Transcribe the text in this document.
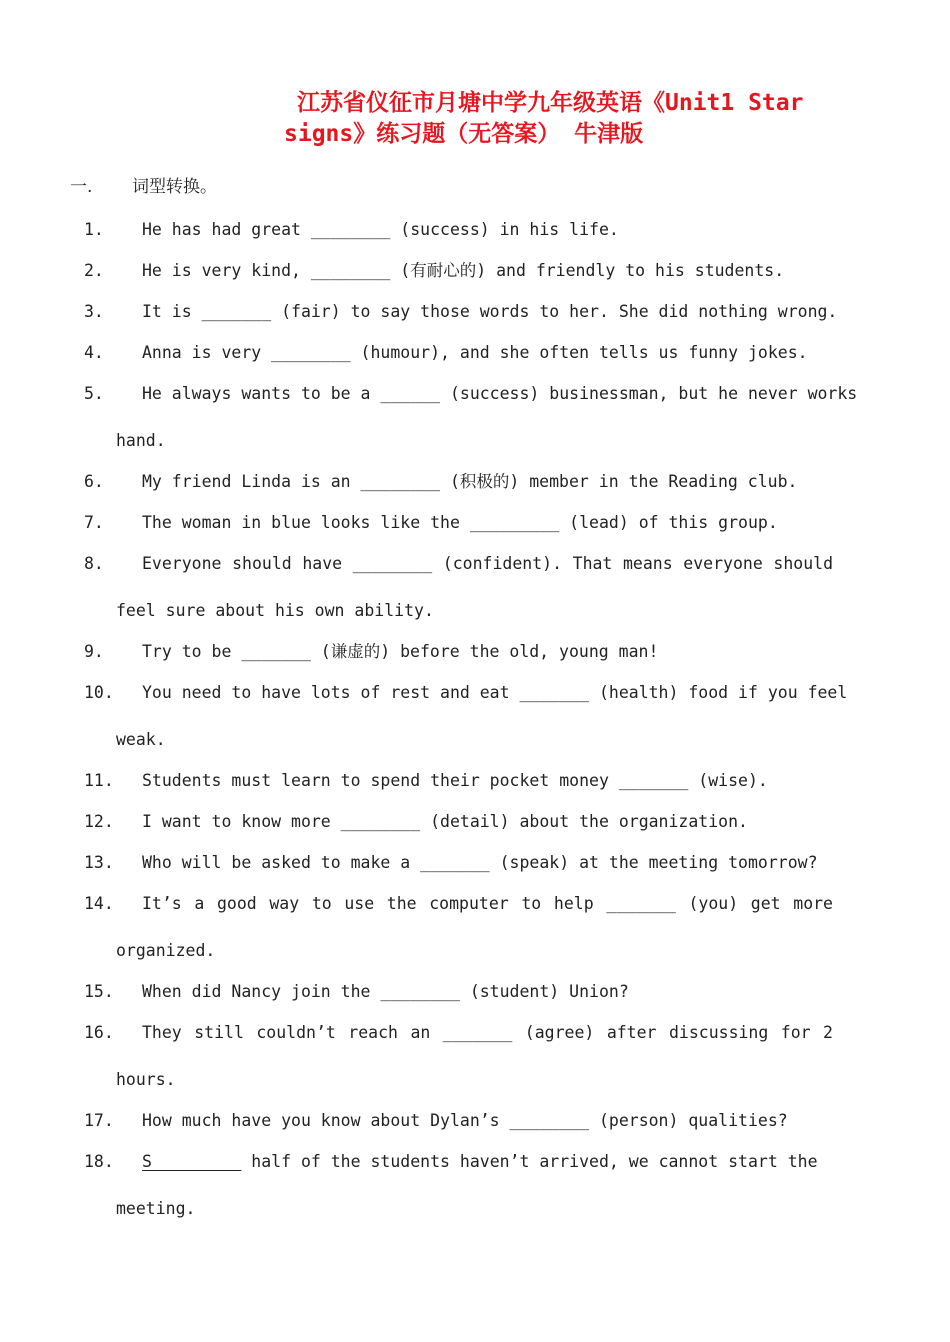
江苏省仪征市月塘中学九年级英语《Unit1 Star
signs》练习题（无答案） 牛津版
一. 词型转换。
1. He has had great ________ (success) in his life.
2. He is very kind, ________ (有耐心的) and friendly to his students.
3. It is _______ (fair) to say those words to her. She did nothing wrong.
4. Anna is very ________ (humour), and she often tells us funny jokes.
5. He always wants to be a ______ (success) businessman, but he never works
hand.
6. My friend Linda is an ________ (积极的) member in the Reading club.
7. The woman in blue looks like the _________ (lead) of this group.
8. Everyone should have ________ (confident). That means everyone should
feel sure about his own ability.
9. Try to be _______ (谦虚的) before the old, young man!
10. You need to have lots of rest and eat _______ (health) food if you feel
weak.
11. Students must learn to spend their pocket money _______ (wise).
12. I want to know more ________ (detail) about the organization.
13. Who will be asked to make a _______ (speak) at the meeting tomorrow?
14. It’s a good way to use the computer to help _______ (you) get more
organized.
15. When did Nancy join the ________ (student) Union?
16. They still couldn’t reach an _______ (agree) after discussing for 2
hours.
17. How much have you know about Dylan’s ________ (person) qualities?
18. S          half of the students haven’t arrived, we cannot start the
meeting.
